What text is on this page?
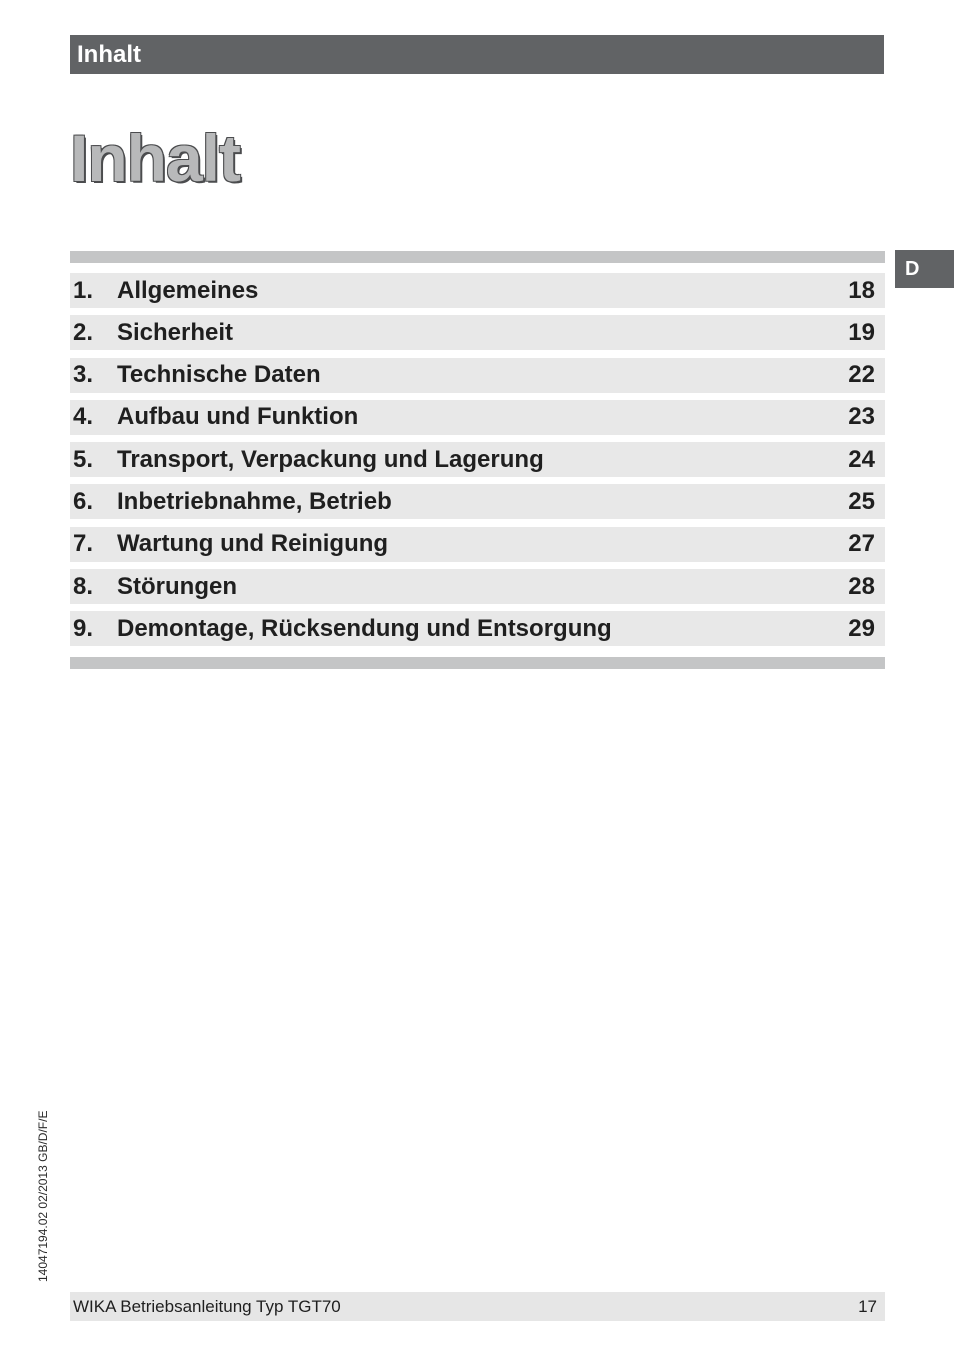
Inhalt
Inhalt
D
1. Allgemeines	18
2. Sicherheit	19
3. Technische Daten	22
4. Aufbau und Funktion	23
5. Transport, Verpackung und Lagerung	24
6. Inbetriebnahme, Betrieb	25
7. Wartung und Reinigung	27
8. Störungen	28
9. Demontage, Rücksendung und Entsorgung	29
14047194.02 02/2013 GB/D/F/E
WIKA Betriebsanleitung Typ TGT70	17
